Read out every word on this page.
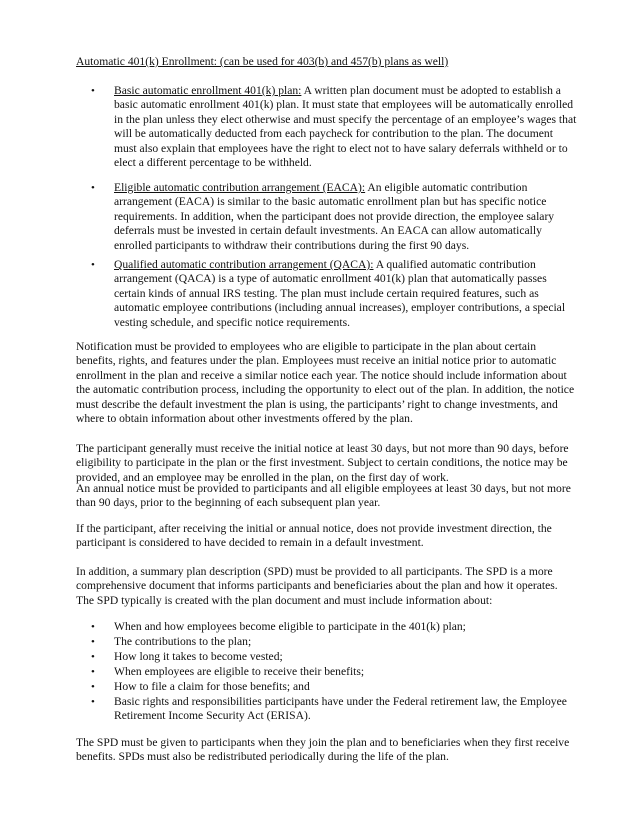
Automatic 401(k) Enrollment: (can be used for 403(b) and 457(b) plans as well)

• Basic automatic enrollment 401(k) plan: A written plan document must be adopted to establish a basic automatic enrollment 401(k) plan. It must state that employees will be automatically enrolled in the plan unless they elect otherwise and must specify the percentage of an employee’s wages that will be automatically deducted from each paycheck for contribution to the plan. The document must also explain that employees have the right to elect not to have salary deferrals withheld or to elect a different percentage to be withheld.

• Eligible automatic contribution arrangement (EACA): An eligible automatic contribution arrangement (EACA) is similar to the basic automatic enrollment plan but has specific notice requirements. In addition, when the participant does not provide direction, the employee salary deferrals must be invested in certain default investments. An EACA can allow automatically enrolled participants to withdraw their contributions during the first 90 days.

• Qualified automatic contribution arrangement (QACA): A qualified automatic contribution arrangement (QACA) is a type of automatic enrollment 401(k) plan that automatically passes certain kinds of annual IRS testing. The plan must include certain required features, such as automatic employee contributions (including annual increases), employer contributions, a special vesting schedule, and specific notice requirements.

Notification must be provided to employees who are eligible to participate in the plan about certain benefits, rights, and features under the plan. Employees must receive an initial notice prior to automatic enrollment in the plan and receive a similar notice each year. The notice should include information about the automatic contribution process, including the opportunity to elect out of the plan. In addition, the notice must describe the default investment the plan is using, the participants’ right to change investments, and where to obtain information about other investments offered by the plan.

The participant generally must receive the initial notice at least 30 days, but not more than 90 days, before eligibility to participate in the plan or the first investment. Subject to certain conditions, the notice may be provided, and an employee may be enrolled in the plan, on the first day of work.

An annual notice must be provided to participants and all eligible employees at least 30 days, but not more than 90 days, prior to the beginning of each subsequent plan year.

If the participant, after receiving the initial or annual notice, does not provide investment direction, the participant is considered to have decided to remain in a default investment.

In addition, a summary plan description (SPD) must be provided to all participants. The SPD is a more comprehensive document that informs participants and beneficiaries about the plan and how it operates. The SPD typically is created with the plan document and must include information about:

• When and how employees become eligible to participate in the 401(k) plan;

• The contributions to the plan;

• How long it takes to become vested;

• When employees are eligible to receive their benefits;

• How to file a claim for those benefits; and

• Basic rights and responsibilities participants have under the Federal retirement law, the Employee Retirement Income Security Act (ERISA).

The SPD must be given to participants when they join the plan and to beneficiaries when they first receive benefits. SPDs must also be redistributed periodically during the life of the plan.
